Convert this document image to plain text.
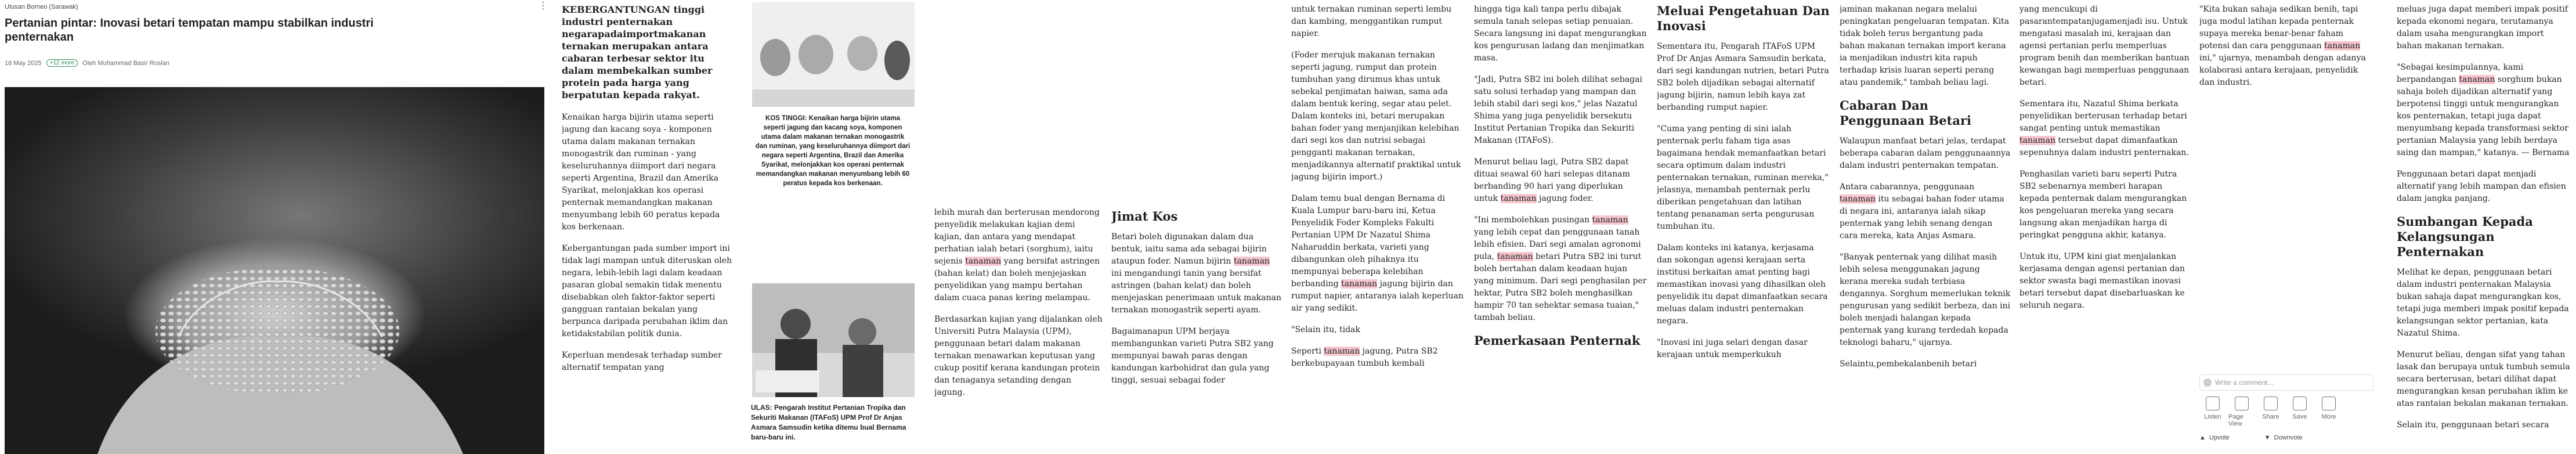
Utusan Borneo (Sarawak)	⋮
Pertanian pintar: Inovasi betari tempatan mampu stabilkan industri penternakan
16 May 2025	+12 more	Oleh Muhammad Basir Roslan

KEBERGANTUNGAN tinggi industri penternakan negarapadaimportmakanan ternakan merupakan antara cabaran terbesar sektor itu dalam membekalkan sumber protein pada harga yang berpatutan kepada rakyat.

Kenaikan harga bijirin utama seperti jagung dan kacang soya - komponen utama dalam makanan ternakan monogastrik dan ruminan - yang keseluruhannya diimport dari negara seperti Argentina, Brazil dan Amerika Syarikat, melonjakkan kos operasi penternak memandangkan makanan menyumbang lebih 60 peratus kepada kos berkenaan.

Kebergantungan pada sumber import ini tidak lagi mampan untuk diteruskan oleh negara, lebih-lebih lagi dalam keadaan pasaran global semakin tidak menentu disebabkan oleh faktor-faktor seperti gangguan rantaian bekalan yang berpunca daripada perubahan iklim dan ketidakstabilan politik dunia.

Keperluan mendesak terhadap sumber alternatif tempatan yang

KOS TINGGI: Kenaikan harga bijirin utama seperti jagung dan kacang soya, komponen utama dalam makanan ternakan monogastrik dan ruminan, yang keseluruhannya diimport dari negara seperti Argentina, Brazil dan Amerika Syarikat, melonjakkan kos operasi penternak memandangkan makanan menyumbang lebih 60 peratus kepada kos berkenaan.

ULAS: Pengarah Institut Pertanian Tropika dan Sekuriti Makanan (ITAFoS) UPM Prof Dr Anjas Asmara Samsudin ketika ditemu bual Bernama baru-baru ini.

lebih murah dan berterusan mendorong penyelidik melakukan kajian demi kajian, dan antara yang mendapat perhatian ialah betari (sorghum), iaitu sejenis tanaman yang bersifat astringen (bahan kelat) dan boleh menjejaskan penyelidikan yang mampu bertahan dalam cuaca panas kering melampau.

Berdasarkan kajian yang dijalankan oleh Universiti Putra Malaysia (UPM), penggunaan betari dalam makanan ternakan menawarkan keputusan yang cukup positif kerana kandungan protein dan tenaganya setanding dengan jagung.

Jimat Kos

Betari boleh digunakan dalam dua bentuk, iaitu sama ada sebagai bijirin ataupun foder. Namun bijirin tanaman ini mengandungi tanin yang bersifat astringen (bahan kelat) dan boleh menjejaskan penerimaan untuk makanan ternakan monogastrik seperti ayam.

Bagaimanapun UPM berjaya membangunkan varieti Putra SB2 yang mempunyai bawah paras dengan kandungan karbohidrat dan gula yang tinggi, sesuai sebagai foder

untuk ternakan ruminan seperti lembu dan kambing, menggantikan rumput napier.

(Foder merujuk makanan ternakan seperti jagung, rumput dan protein tumbuhan yang dirumus khas untuk sebekal penjimatan haiwan, sama ada dalam bentuk kering, segar atau pelet. Dalam konteks ini, betari merupakan bahan foder yang menjanjikan kelebihan dari segi kos dan nutrisi sebagai pengganti makanan ternakan, menjadikannya alternatif praktikal untuk jagung bijirin import.)

Dalam temu bual dengan Bernama di Kuala Lumpur baru-baru ini, Ketua Penyelidik Foder Kompleks Fakulti Pertanian UPM Dr Nazatul Shima Naharuddin berkata, varieti yang dibangunkan oleh pihaknya itu mempunyai beberapa kelebihan berbanding tanaman jagung bijirin dan rumput napier, antaranya ialah keperluan air yang sedikit.

"Selain itu, tidak

Seperti tanaman jagung, Putra SB2 berkebupayaan tumbuh kembali

hingga tiga kali tanpa perlu dibajak semula tanah selepas setiap penuaian. Secara langsung ini dapat mengurangkan kos pengurusan ladang dan menjimatkan masa.

"Jadi, Putra SB2 ini boleh dilihat sebagai satu solusi terhadap yang mampan dan lebih stabil dari segi kos," jelas Nazatul Shima yang juga penyelidik bersekutu Institut Pertanian Tropika dan Sekuriti Makanan (ITAFoS).

Menurut beliau lagi, Putra SB2 dapat dituai seawal 60 hari selepas ditanam berbanding 90 hari yang diperlukan untuk tanaman jagung foder.

"Ini membolehkan pusingan tanaman yang lebih cepat dan penggunaan tanah lebih efisien. Dari segi amalan agronomi pula, tanaman betari Putra SB2 ini turut boleh bertahan dalam keadaan hujan yang minimum. Dari segi penghasilan per hektar, Putra SB2 boleh menghasilkan hampir 70 tan sehektar semasa tuaian," tambah beliau.

Pemerkasaan Penternak
Meluai Pengetahuan Dan Inovasi

Sementara itu, Pengarah ITAFoS UPM Prof Dr Anjas Asmara Samsudin berkata, dari segi kandungan nutrien, betari Putra SB2 boleh dijadikan sebagai alternatif jagung bijirin, namun lebih kaya zat berbanding rumput napier.

"Cuma yang penting di sini ialah penternak perlu faham tiga asas bagaimana hendak memanfaatkan betari secara optimum dalam industri penternakan ternakan, ruminan mereka," jelasnya, menambah penternak perlu diberikan pengetahuan dan latihan tentang penanaman serta pengurusan tumbuhan itu.

Dalam konteks ini katanya, kerjasama dan sokongan agensi kerajaan serta institusi berkaitan amat penting bagi memastikan inovasi yang dihasilkan oleh penyelidik itu dapat dimanfaatkan secara meluas dalam industri penternakan negara.

"Inovasi ini juga selari dengan dasar kerajaan untuk memperkukuh

jaminan makanan negara melalui peningkatan pengeluaran tempatan. Kita tidak boleh terus bergantung pada bahan makanan ternakan import kerana ia menjadikan industri kita rapuh terhadap krisis luaran seperti perang atau pandemik," tambah beliau lagi.

Cabaran Dan Penggunaan Betari

Walaupun manfaat betari jelas, terdapat beberapa cabaran dalam penggunaannya dalam industri penternakan tempatan.

Antara cabarannya, penggunaan tanaman itu sebagai bahan foder utama di negara ini, antaranya ialah sikap penternak yang lebih senang dengan cara mereka, kata Anjas Asmara.

"Banyak penternak yang dilihat masih lebih selesa menggunakan jagung kerana mereka sudah terbiasa dengannya. Sorghum memerlukan teknik pengurusan yang sedikit berbeza, dan ini boleh menjadi halangan kepada penternak yang kurang terdedah kepada teknologi baharu," ujarnya.

Selaintu,pembekalanbenih betari

yang mencukupi di pasarantempatanjugamenjadi isu. Untuk mengatasi masalah ini, kerajaan dan agensi pertanian perlu memperluas program benih dan memberikan bantuan kewangan bagi memperluas penggunaan betari.

Sementara itu, Nazatul Shima berkata penyelidikan berterusan terhadap betari sangat penting untuk memastikan tanaman tersebut dapat dimanfaatkan sepenuhnya dalam industri penternakan.

Penghasilan varieti baru seperti Putra SB2 sebenarnya memberi harapan kepada penternak dalam mengurangkan kos pengeluaran mereka yang secara langsung akan menjadikan harga di peringkat pengguna akhir, katanya.

Untuk itu, UPM kini giat menjalankan kerjasama dengan agensi pertanian dan sektor swasta bagi memastikan inovasi betari tersebut dapat disebarluaskan ke seluruh negara.

"Kita bukan sahaja sedikan benih, tapi juga modul latihan kepada penternak supaya mereka benar-benar faham potensi dan cara penggunaan tanaman ini," ujarnya, menambah dengan adanya kolaborasi antara kerajaan, penyelidik dan industri.

Write a comment...
Listen Page View
Share Save More
▲ Upvote	▼ Downvote

meluas juga dapat memberi impak positif kepada ekonomi negara, terutamanya dalam usaha mengurangkan import bahan makanan ternakan.

"Sebagai kesimpulannya, kami berpandangan tanaman sorghum bukan sahaja boleh dijadikan alternatif yang berpotensi tinggi untuk mengurangkan kos penternakan, tetapi juga dapat menyumbang kepada transformasi sektor pertanian Malaysia yang lebih berdaya saing dan mampan," katanya. — Bernama

Penggunaan betari dapat menjadi alternatif yang lebih mampan dan efisien dalam jangka panjang.

Sumbangan Kepada Kelangsungan Penternakan

Melihat ke depan, penggunaan betari dalam industri penternakan Malaysia bukan sahaja dapat mengurangkan kos, tetapi juga memberi impak positif kepada kelangsungan sektor pertanian, kata Nazatul Shima.

Menurut beliau, dengan sifat yang tahan lasak dan berupaya untuk tumbuh semula secara berterusan, betari dilihat dapat mengurangkan kesan perubahan iklim ke atas rantaian bekalan makanan ternakan.

Selain itu, penggunaan betari secara
